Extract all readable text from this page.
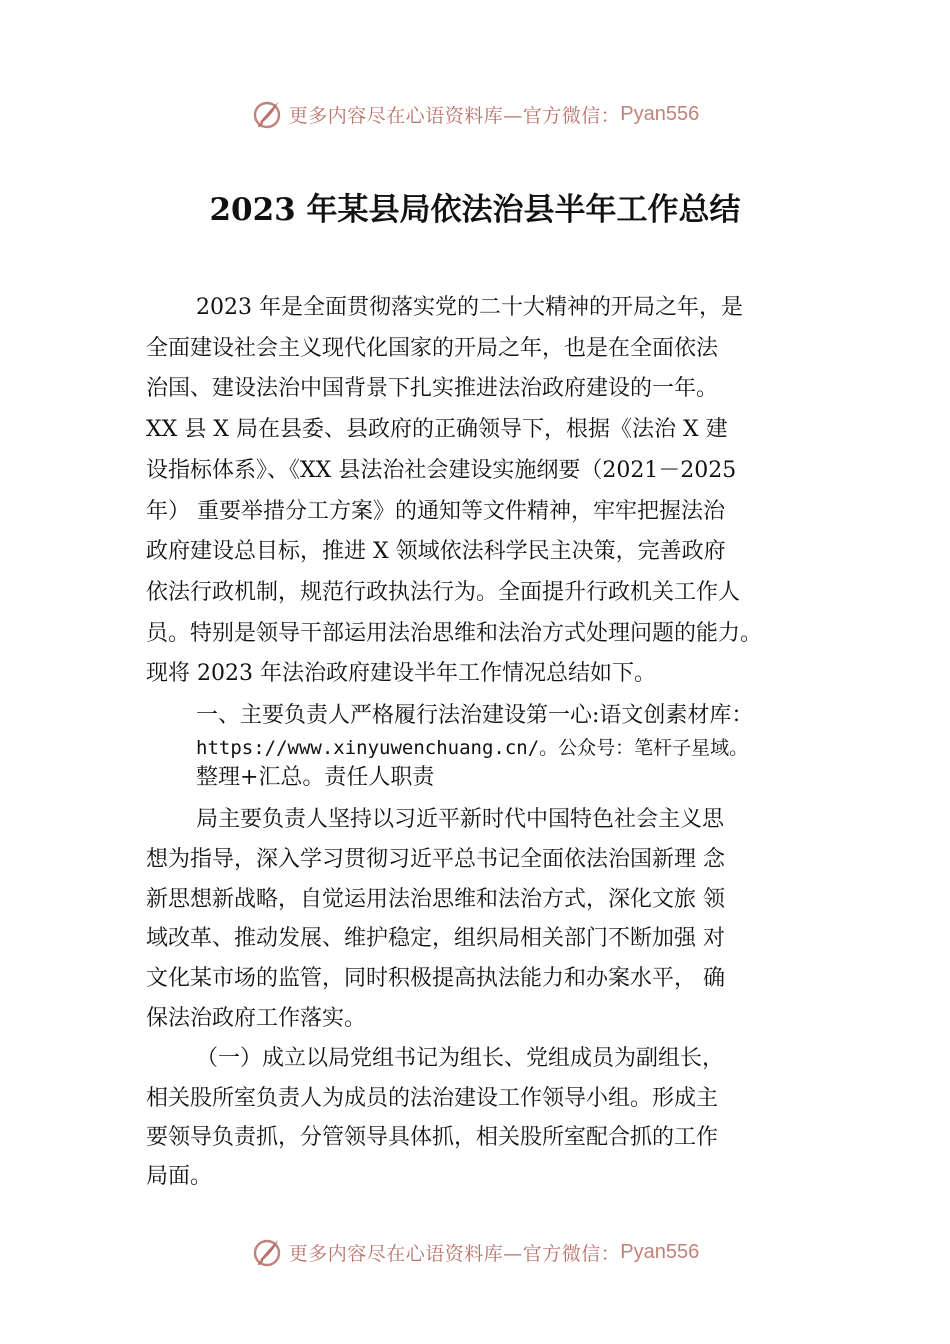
更多内容尽在心语资料库—官方微信： Pyan556
2023 年某县局依法治县半年工作总结
2023 年是全面贯彻落实党的二十大精神的开局之年，是
全面建设社会主义现代化国家的开局之年，也是在全面依法
治国、建设法治中国背景下扎实推进法治政府建设的一年。
XX 县 X 局在县委、县政府的正确领导下，根据《法治 X 建
设指标体系》、《XX 县法治社会建设实施纲要（2021－2025
年） 重要举措分工方案》的通知等文件精神，牢牢把握法治
政府建设总目标，推进 X 领域依法科学民主决策，完善政府
依法行政机制，规范行政执法行为。全面提升行政机关工作人
员。特别是领导干部运用法治思维和法治方式处理问题的能力。
现将 2023 年法治政府建设半年工作情况总结如下。
一、主要负责人严格履行法治建设第一心:语文创素材库：
https://www.xinyuwenchuang.cn/。公众号：笔杆子星域。
整理+汇总。责任人职责
局主要负责人坚持以习近平新时代中国特色社会主义思
想为指导，深入学习贯彻习近平总书记全面依法治国新理 念
新思想新战略，自觉运用法治思维和法治方式，深化文旅 领
域改革、推动发展、维护稳定，组织局相关部门不断加强 对
文化某市场的监管，同时积极提高执法能力和办案水平， 确
保法治政府工作落实。
（一）成立以局党组书记为组长、党组成员为副组长，
相关股所室负责人为成员的法治建设工作领导小组。形成主
要领导负责抓，分管领导具体抓，相关股所室配合抓的工作
局面。
更多内容尽在心语资料库—官方微信： Pyan556
